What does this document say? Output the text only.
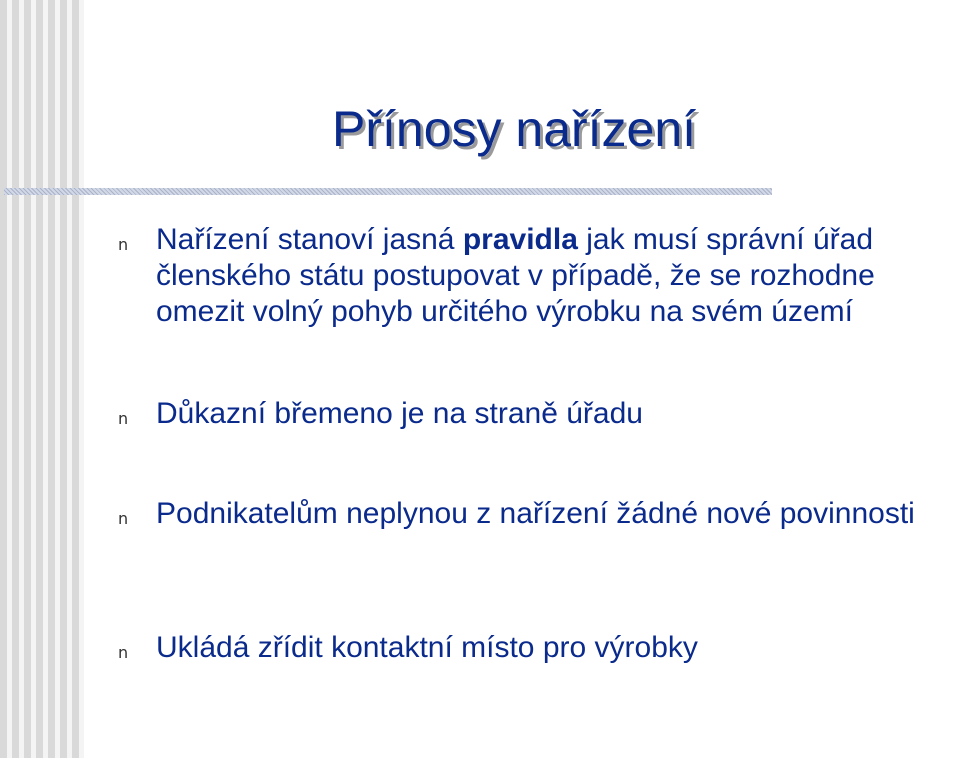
Přínosy nařízení
n Nařízení stanoví jasná pravidla jak musí správní úřad členského státu postupovat v případě, že se rozhodne omezit volný pohyb určitého výrobku na svém území

n Důkazní břemeno je na straně úřadu

n Podnikatelům neplynou z nařízení žádné nové povinnosti

n Ukládá zřídit kontaktní místo pro výrobky
